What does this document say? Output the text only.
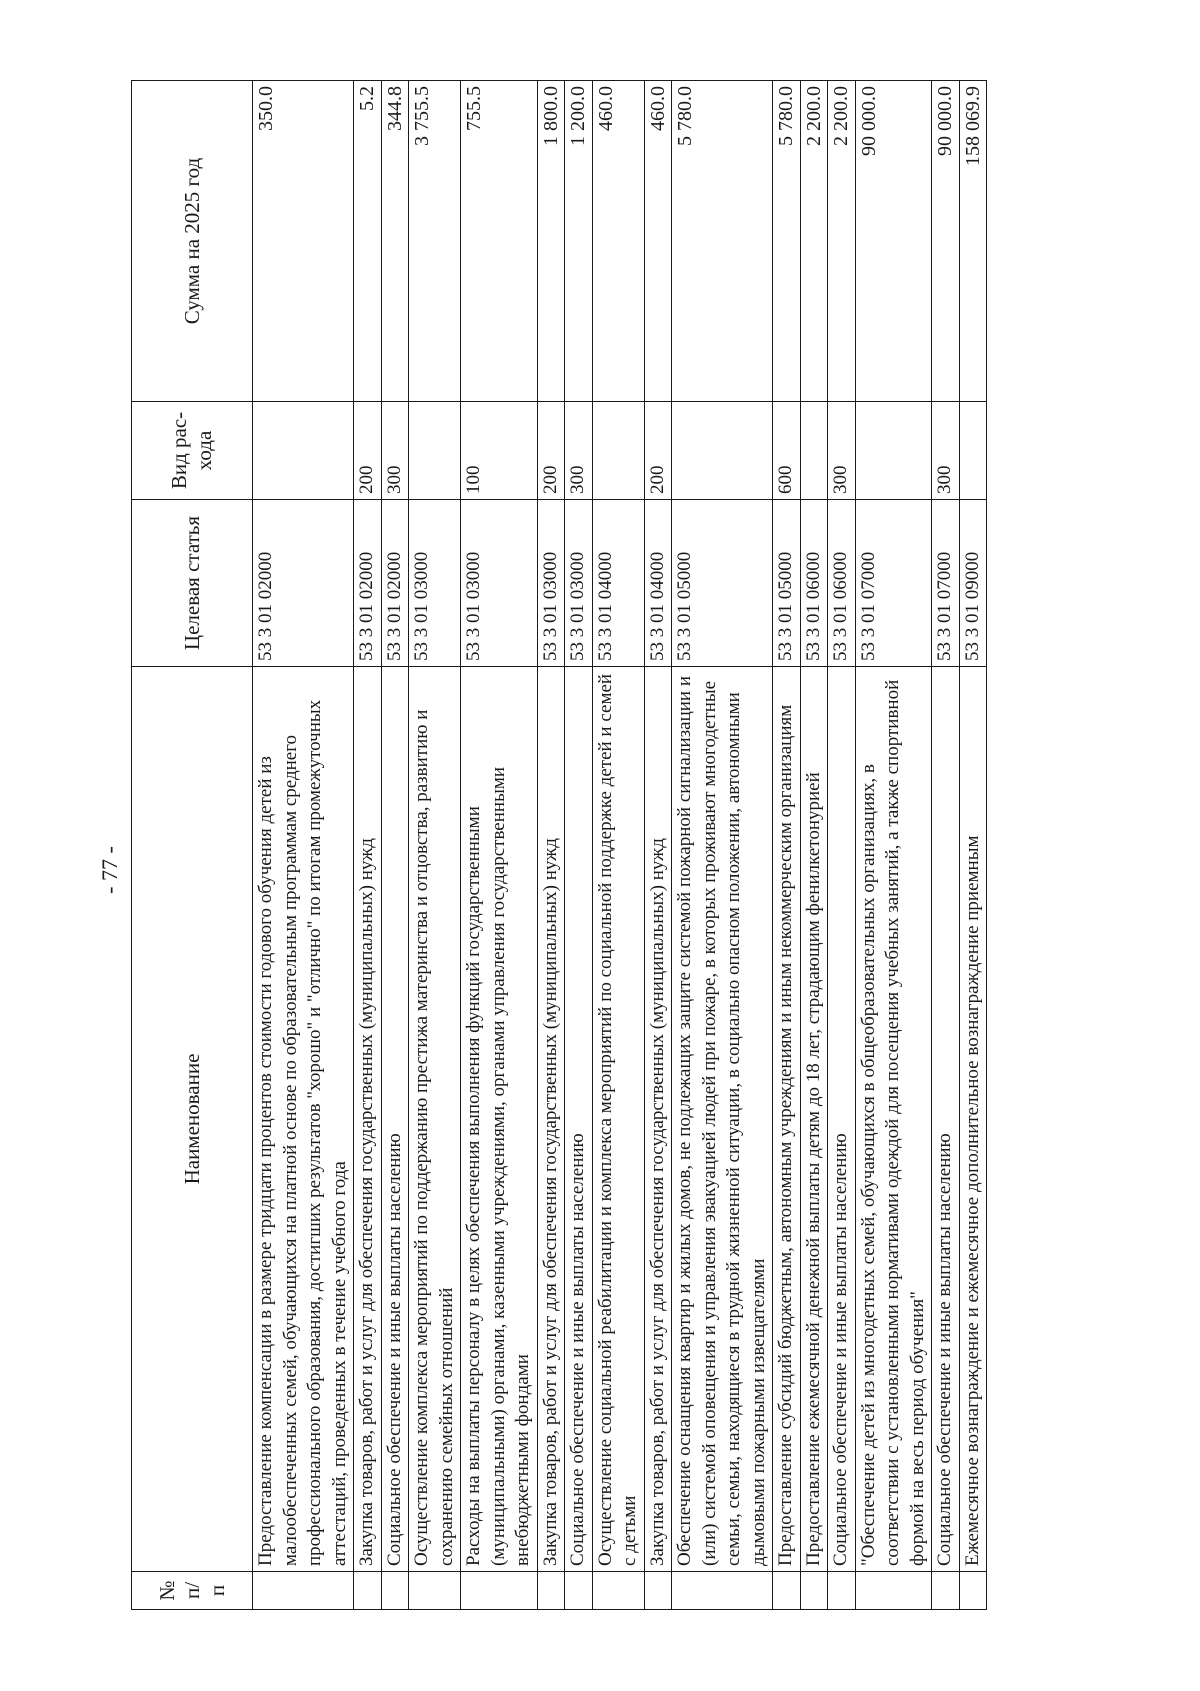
- 77 -
№ п/п	Наименование	Целевая статья	Вид рас- хода	Сумма на 2025 год
	Предоставление компенсации в размере тридцати процентов стоимости годового обучения детей из малообеспеченных семей, обучающихся на платной основе по образовательным программам среднего профессионального образования, достигших результатов "хорошо" и "отлично" по итогам промежуточных аттестаций, проведенных в течение учебного года	53 3 01 02000		350.0
	Закупка товаров, работ и услуг для обеспечения государственных (муниципальных) нужд	53 3 01 02000	200	5.2
	Социальное обеспечение и иные выплаты населению	53 3 01 02000	300	344.8
	Осуществление комплекса мероприятий по поддержанию престижа материнства и отцовства, развитию и сохранению семейных отношений	53 3 01 03000		3 755.5
	Расходы на выплаты персоналу в целях обеспечения выполнения функций государственными (муниципальными) органами, казенными учреждениями, органами управления государственными внебюджетными фондами	53 3 01 03000	100	755.5
	Закупка товаров, работ и услуг для обеспечения государственных (муниципальных) нужд	53 3 01 03000	200	1 800.0
	Социальное обеспечение и иные выплаты населению	53 3 01 03000	300	1 200.0
	Осуществление социальной реабилитации и комплекса мероприятий по социальной поддержке детей и семей с детьми	53 3 01 04000		460.0
	Закупка товаров, работ и услуг для обеспечения государственных (муниципальных) нужд	53 3 01 04000	200	460.0
	Обеспечение оснащения квартир и жилых домов, не подлежащих защите системой пожарной сигнализации и (или) системой оповещения и управления эвакуацией людей при пожаре, в которых проживают многодетные семьи, семьи, находящиеся в трудной жизненной ситуации, в социально опасном положении, автономными дымовыми пожарными извещателями	53 3 01 05000		5 780.0
	Предоставление субсидий бюджетным, автономным учреждениям и иным некоммерческим организациям	53 3 01 05000	600	5 780.0
	Предоставление ежемесячной денежной выплаты детям до 18 лет, страдающим фенилкетонурией	53 3 01 06000		2 200.0
	Социальное обеспечение и иные выплаты населению	53 3 01 06000	300	2 200.0
	"Обеспечение детей из многодетных семей, обучающихся в общеобразовательных организациях, в соответствии с установленными нормативами одеждой для посещения учебных занятий, а также спортивной формой на весь период обучения"	53 3 01 07000		90 000.0
	Социальное обеспечение и иные выплаты населению	53 3 01 07000	300	90 000.0
	Ежемесячное вознаграждение и ежемесячное дополнительное вознаграждение приемным	53 3 01 09000		158 069.9
